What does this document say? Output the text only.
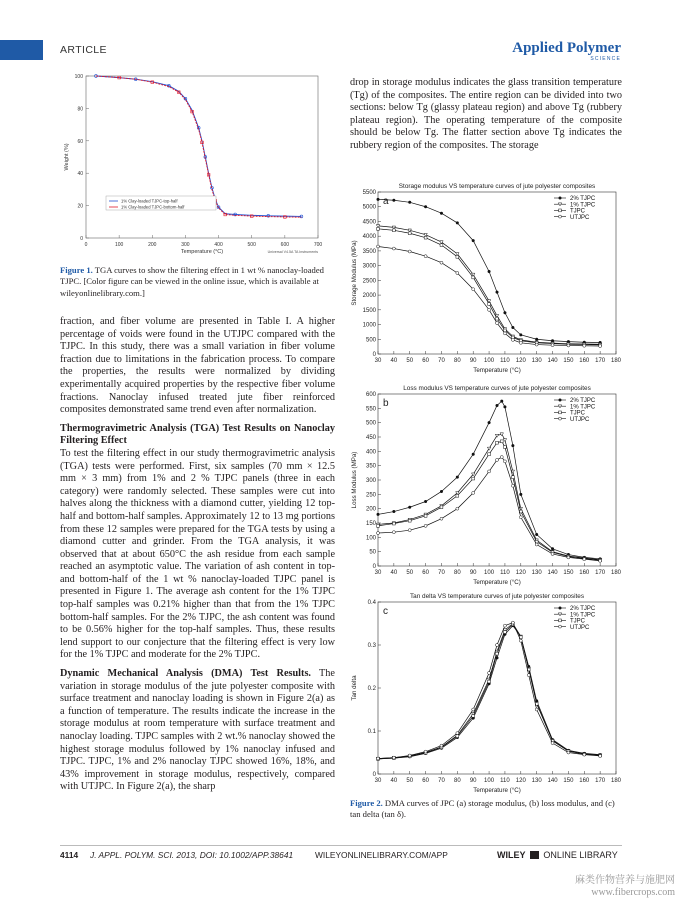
ARTICLE	Applied Polymer
SCIENCE
0	100	200	300	400	500	600	700
0
20
40
60
80
100
Temperature (°C)
Weight (%)
Universal V4.5A TA Instruments
1% Clay-loaded TJPC-top-half
1% Clay-loaded TJPC-bottom-half
Figure 1. TGA curves to show the filtering effect in 1 wt % nanoclay-loaded TJPC. [Color figure can be viewed in the online issue, which is available at wileyonlinelibrary.com.]

fraction, and fiber volume are presented in Table I. A higher percentage of voids were found in the UTJPC compared with the TJPC. In this study, there was a small variation in fiber volume fraction due to limitations in the fabrication process. To compare the properties, the results were normalized by dividing experimentally acquired properties by the respective fiber volume fractions. Nanoclay infused treated jute fiber reinforced composites demonstrated same trend even after normalization.

Thermogravimetric Analysis (TGA) Test Results on Nanoclay Filtering Effect

To test the filtering effect in our study thermogravimetric analysis (TGA) tests were performed. First, six samples (70 mm × 12.5 mm × 3 mm) from 1% and 2 % TJPC panels (three in each category) were randomly selected. These samples were cut into halves along the thickness with a diamond cutter, yielding 12 top-half and bottom-half samples. Approximately 12 to 13 mg portions from these 12 samples were prepared for the TGA tests by using a diamond cutter and grinder. From the TGA analysis, it was observed that at about 650°C the ash residue from each sample reached an asymptotic value. The variation of ash content in top- and bottom-half of the 1 wt % nanoclay-loaded TJPC panel is presented in Figure 1. The average ash content for the 1% TJPC top-half samples was 0.21% higher than that from the 1% TJPC bottom-half samples. For the 2% TJPC, the ash content was found to be 0.56% higher for the top-half samples. Thus, these results lend support to our conjecture that the filtering effect is very low for the 1% TJPC and moderate for the 2% TJPC.

Dynamic Mechanical Analysis (DMA) Test Results. The variation in storage modulus of the jute polyester composite with surface treatment and nanoclay loading is shown in Figure 2(a) as a function of temperature. The results indicate the increase in the storage modulus at room temperature with surface treatment and nanoclay loading. TJPC samples with 2 wt.% nanoclay showed the highest storage modulus followed by 1% nanoclay infused and TJPC. TJPC, 1% and 2% nanoclay TJPC showed 16%, 18%, and 43% improvement in storage modulus, respectively, compared with UTJPC. In Figure 2(a), the sharp

drop in storage modulus indicates the glass transition temperature (Tg) of the composites. The entire region can be divided into two sections: below Tg (glassy plateau region) and above Tg (rubbery plateau region). The operating temperature of the composite should be below Tg. The flatter section above Tg indicates the rubbery region of the composites. The storage

Storage modulus VS temperature curves of jute polyester composites
a
30 40 50 60 70 80 90 100 110 120 130 140 150 160 170 180
0
500
1000
1500
2000
2500
3000
3500
4000
4500
5000
5500
Temperature (°C)
Storage Modulus (MPa)
2% TJPC
1% TJPC
TJPC
UTJPC
Loss modulus VS temperature curves of jute polyester composites
b
30 40 50 60 70 80 90 100 110 120 130 140 150 160 170 180
0
50
100
150
200
250
300
350
400
450
500
550
600
Temperature (°C)
Loss Modulus (MPa)
2% TJPC
1% TJPC
TJPC
UTJPC
Tan delta VS temperature curves of jute polyester composites
c
30 40 50 60 70 80 90 100 110 120 130 140 150 160 170 180
0
0.1
0.2
0.3
0.4
Temperature (°C)
Tan delta
2% TJPC
1% TJPC
TJPC
UTJPC
Figure 2. DMA curves of JPC (a) storage modulus, (b) loss modulus, and (c) tan delta (tan δ).
4114 J. APPL. POLYM. SCI. 2013, DOI: 10.1002/APP.38641	WILEYONLINELIBRARY.COM/APP	WILEY ONLINE LIBRARY
麻类作物营养与施肥网
www.fibercrops.com
